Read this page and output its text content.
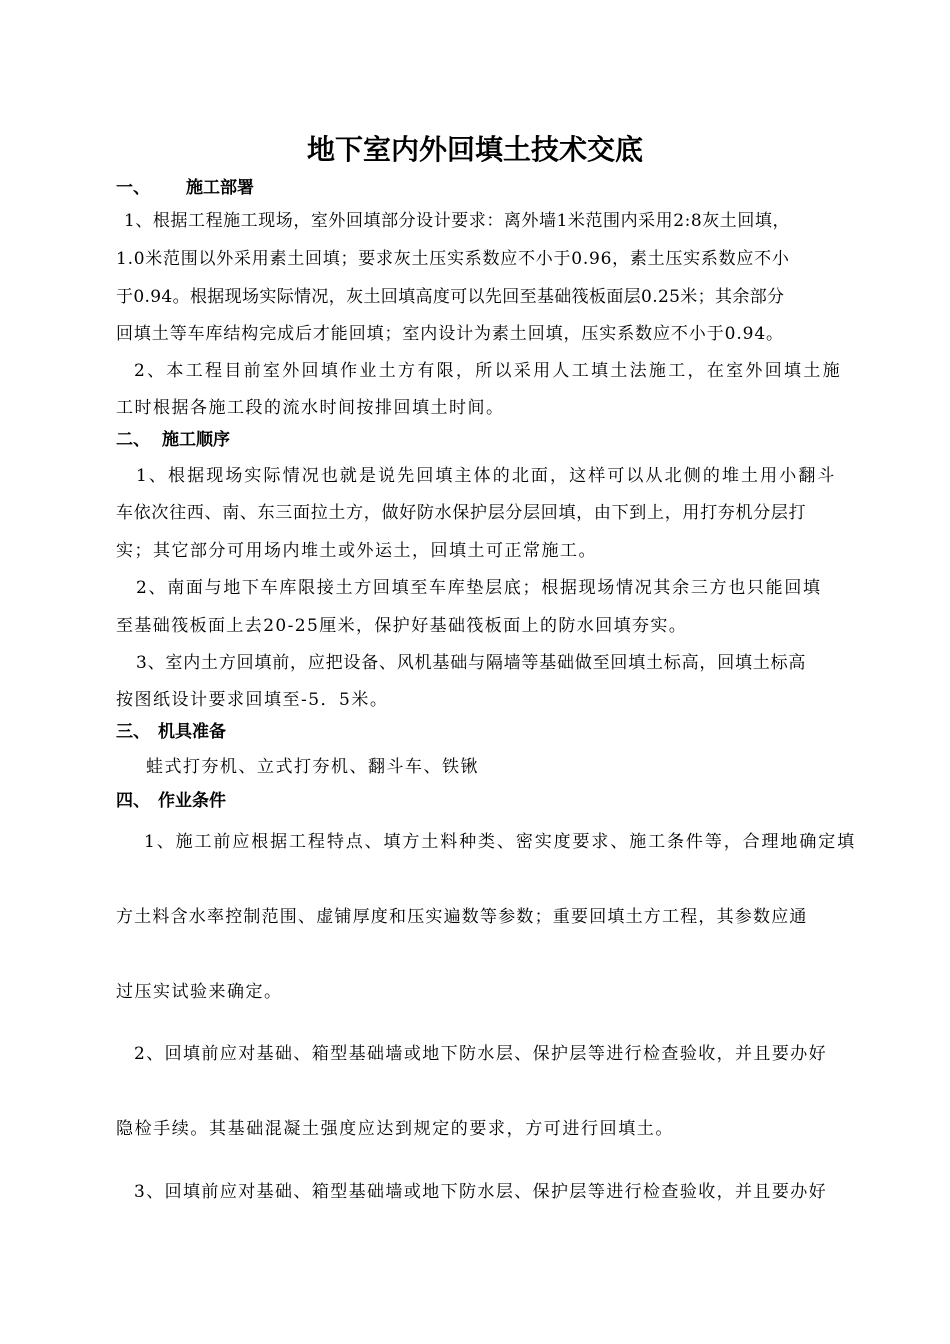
地下室内外回填土技术交底
一、 施工部署
1、根据工程施工现场，室外回填部分设计要求：离外墙1米范围内采用2:8灰土回填，
1.0米范围以外采用素土回填；要求灰土压实系数应不小于0.96，素土压实系数应不小
于0.94。根据现场实际情况，灰土回填高度可以先回至基础筏板面层0.25米；其余部分
回填土等车库结构完成后才能回填；室内设计为素土回填，压实系数应不小于0.94。
2、本工程目前室外回填作业土方有限，所以采用人工填土法施工，在室外回填土施
工时根据各施工段的流水时间按排回填土时间。
二、 施工顺序
1、根据现场实际情况也就是说先回填主体的北面，这样可以从北侧的堆土用小翻斗
车依次往西、南、东三面拉土方，做好防水保护层分层回填，由下到上，用打夯机分层打
实；其它部分可用场内堆土或外运土，回填土可正常施工。
2、南面与地下车库限接土方回填至车库垫层底；根据现场情况其余三方也只能回填
至基础筏板面上去20-25厘米，保护好基础筏板面上的防水回填夯实。
3、室内土方回填前，应把设备、风机基础与隔墙等基础做至回填土标高，回填土标高
按图纸设计要求回填至-5．5米。
三、 机具准备
蛙式打夯机、立式打夯机、翻斗车、铁锹
四、 作业条件
1、施工前应根据工程特点、填方土料种类、密实度要求、施工条件等，合理地确定填
方土料含水率控制范围、虚铺厚度和压实遍数等参数；重要回填土方工程，其参数应通
过压实试验来确定。
2、回填前应对基础、箱型基础墙或地下防水层、保护层等进行检查验收，并且要办好
隐检手续。其基础混凝土强度应达到规定的要求，方可进行回填土。
3、回填前应对基础、箱型基础墙或地下防水层、保护层等进行检查验收，并且要办好
